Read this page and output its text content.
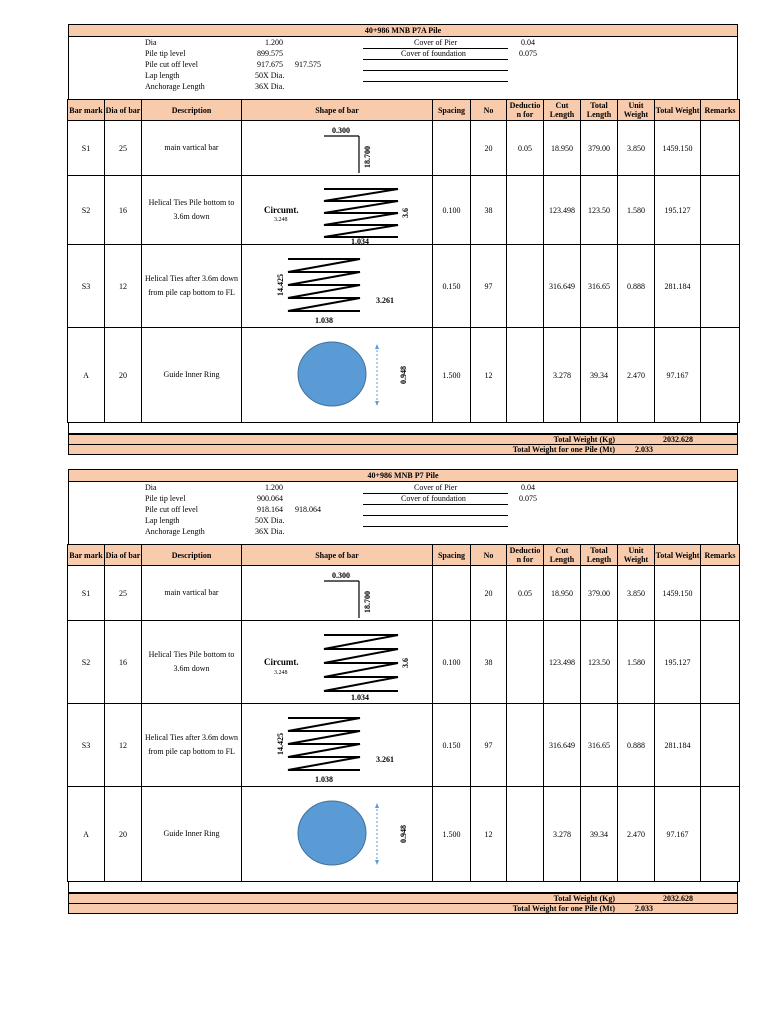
40+986 MNB P7A Pile
Dia	1.200
Pile tip level	899.575
Pile cut off level	917.675 917.575
Lap length	50X Dia.
Anchorage Length	36X Dia.
Cover of Pier	0.04
Cover of foundation	0.075
Bar mark	Dia of bar	Description	Shape of bar	Spacing	No	Deductio n for	Cut Length	Total Length	Unit Weight	Total Weight	Remarks
S1	25	main vartical bar	0.300
18.700		20	0.05	18.950	379.00	3.850	1459.150	
S2	16	Helical Ties Pile bottom to 3.6m down	Circumt.
3.248
3.6
1.034	0.100	38		123.498	123.50	1.580	195.127	
S3	12	Helical Ties after 3.6m down from pile cap bottom to FL	14.425
3.261
1.038	0.150	97		316.649	316.65	0.888	281.184	
A	20	Guide Inner Ring	0.948	1.500	12		3.278	39.34	2.470	97.167	
Total Weight (Kg)	2032.628
Total Weight for one Pile (Mt)	2.033
40+986 MNB P7 Pile
Dia	1.200
Pile tip level	900.064
Pile cut off level	918.164 918.064
Lap length	50X Dia.
Anchorage Length	36X Dia.
Cover of Pier	0.04
Cover of foundation	0.075
Bar mark	Dia of bar	Description	Shape of bar	Spacing	No	Deductio n for	Cut Length	Total Length	Unit Weight	Total Weight	Remarks
S1	25	main vartical bar	0.300
18.700		20	0.05	18.950	379.00	3.850	1459.150	
S2	16	Helical Ties Pile bottom to 3.6m down	Circumt.
3.248
3.6
1.034	0.100	38		123.498	123.50	1.580	195.127	
S3	12	Helical Ties after 3.6m down from pile cap bottom to FL	14.425
3.261
1.038	0.150	97		316.649	316.65	0.888	281.184	
A	20	Guide Inner Ring	0.948	1.500	12		3.278	39.34	2.470	97.167	
Total Weight (Kg)	2032.628
Total Weight for one Pile (Mt)	2.033
